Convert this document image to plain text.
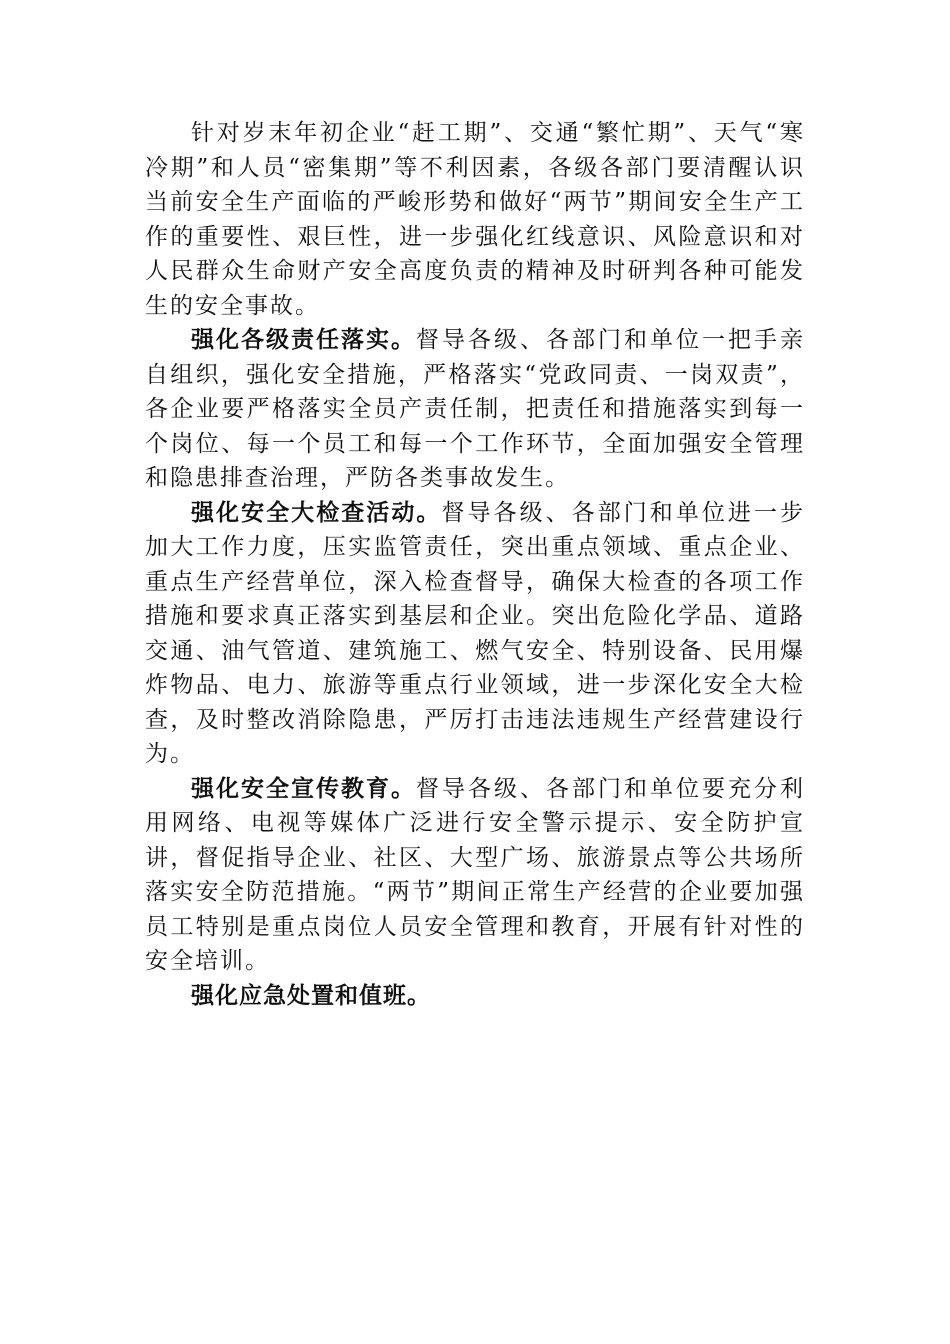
针对岁末年初企业“赶工期”、交通“繁忙期”、天气“寒冷期”和人员“密集期”等不利因素，各级各部门要清醒认识当前安全生产面临的严峻形势和做好“两节”期间安全生产工作的重要性、艰巨性，进一步强化红线意识、风险意识和对人民群众生命财产安全高度负责的精神及时研判各种可能发生的安全事故。

强化各级责任落实。督导各级、各部门和单位一把手亲自组织，强化安全措施，严格落实“党政同责、一岗双责”，各企业要严格落实全员产责任制，把责任和措施落实到每一个岗位、每一个员工和每一个工作环节，全面加强安全管理和隐患排查治理，严防各类事故发生。

强化安全大检查活动。督导各级、各部门和单位进一步加大工作力度，压实监管责任，突出重点领域、重点企业、重点生产经营单位，深入检查督导，确保大检查的各项工作措施和要求真正落实到基层和企业。突出危险化学品、道路交通、油气管道、建筑施工、燃气安全、特别设备、民用爆炸物品、电力、旅游等重点行业领域，进一步深化安全大检查，及时整改消除隐患，严厉打击违法违规生产经营建设行为。

强化安全宣传教育。督导各级、各部门和单位要充分利用网络、电视等媒体广泛进行安全警示提示、安全防护宣讲，督促指导企业、社区、大型广场、旅游景点等公共场所落实安全防范措施。“两节”期间正常生产经营的企业要加强员工特别是重点岗位人员安全管理和教育，开展有针对性的安全培训。

强化应急处置和值班。
